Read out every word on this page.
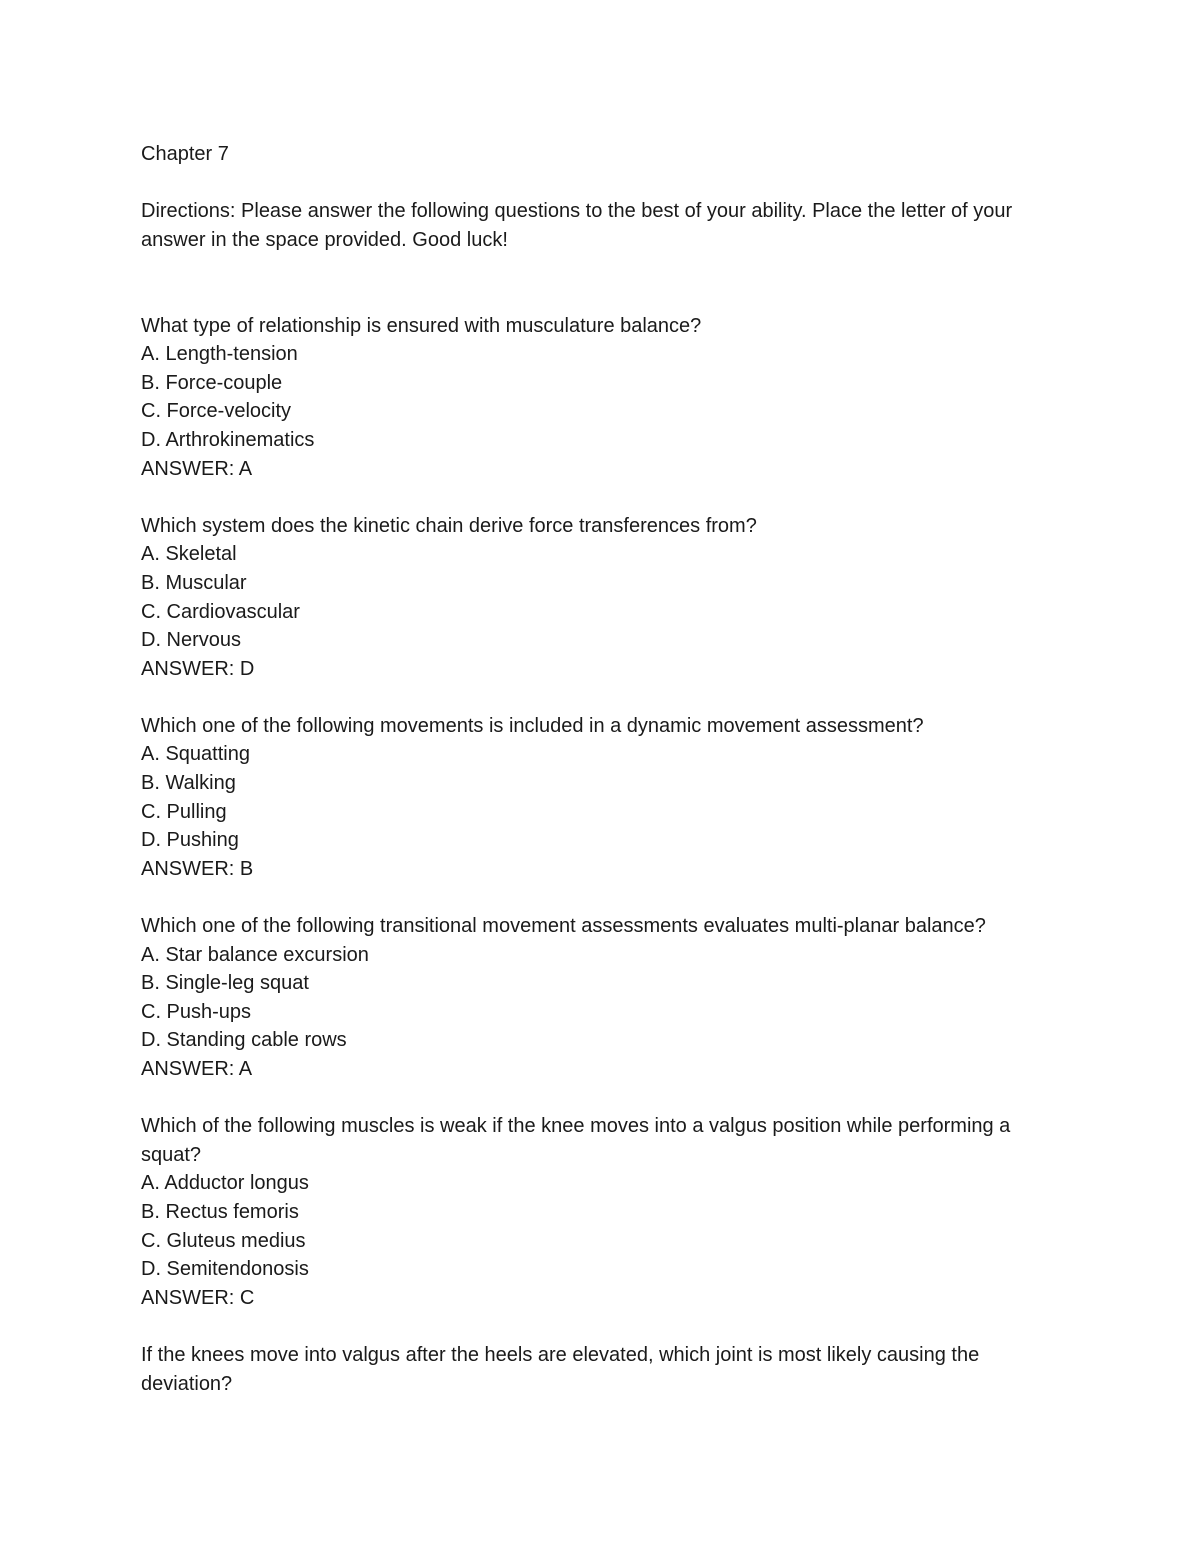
Chapter 7

Directions: Please answer the following questions to the best of your ability. Place the letter of your answer in the space provided. Good luck!

What type of relationship is ensured with musculature balance?

A. Length-tension

B. Force-couple

C. Force-velocity

D. Arthrokinematics

ANSWER: A

Which system does the kinetic chain derive force transferences from?

A. Skeletal

B. Muscular

C. Cardiovascular

D. Nervous

ANSWER: D

Which one of the following movements is included in a dynamic movement assessment?

A. Squatting

B. Walking

C. Pulling

D. Pushing

ANSWER: B

Which one of the following transitional movement assessments evaluates multi-planar balance?

A. Star balance excursion

B. Single-leg squat

C. Push-ups

D. Standing cable rows

ANSWER: A

Which of the following muscles is weak if the knee moves into a valgus position while performing a squat?

A. Adductor longus

B. Rectus femoris

C. Gluteus medius

D. Semitendonosis

ANSWER: C

If the knees move into valgus after the heels are elevated, which joint is most likely causing the deviation?
